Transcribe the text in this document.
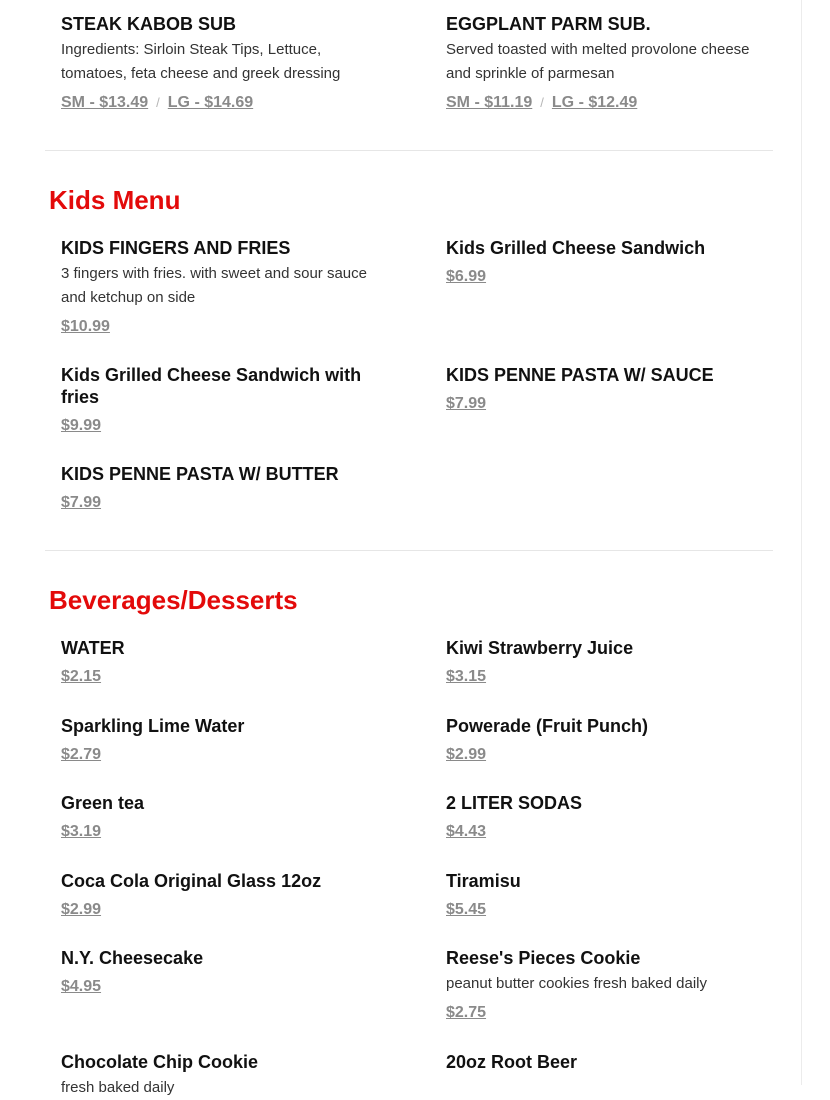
STEAK KABOB SUB
Ingredients: Sirloin Steak Tips, Lettuce, tomatoes, feta cheese and greek dressing
SM - $13.49 / LG - $14.69
EGGPLANT PARM SUB.
Served toasted with melted provolone cheese and sprinkle of parmesan
SM - $11.19 / LG - $12.49
Kids Menu
KIDS FINGERS AND FRIES
3 fingers with fries. with sweet and sour sauce and ketchup on side
$10.99
Kids Grilled Cheese Sandwich
$6.99
Kids Grilled Cheese Sandwich with fries
$9.99
KIDS PENNE PASTA W/ SAUCE
$7.99
KIDS PENNE PASTA W/ BUTTER
$7.99
Beverages/Desserts
WATER
$2.15
Kiwi Strawberry Juice
$3.15
Sparkling Lime Water
$2.79
Powerade (Fruit Punch)
$2.99
Green tea
$3.19
2 LITER SODAS
$4.43
Coca Cola Original Glass 12oz
$2.99
Tiramisu
$5.45
N.Y. Cheesecake
$4.95
Reese's Pieces Cookie
peanut butter cookies fresh baked daily
$2.75
Chocolate Chip Cookie
fresh baked daily
20oz Root Beer
